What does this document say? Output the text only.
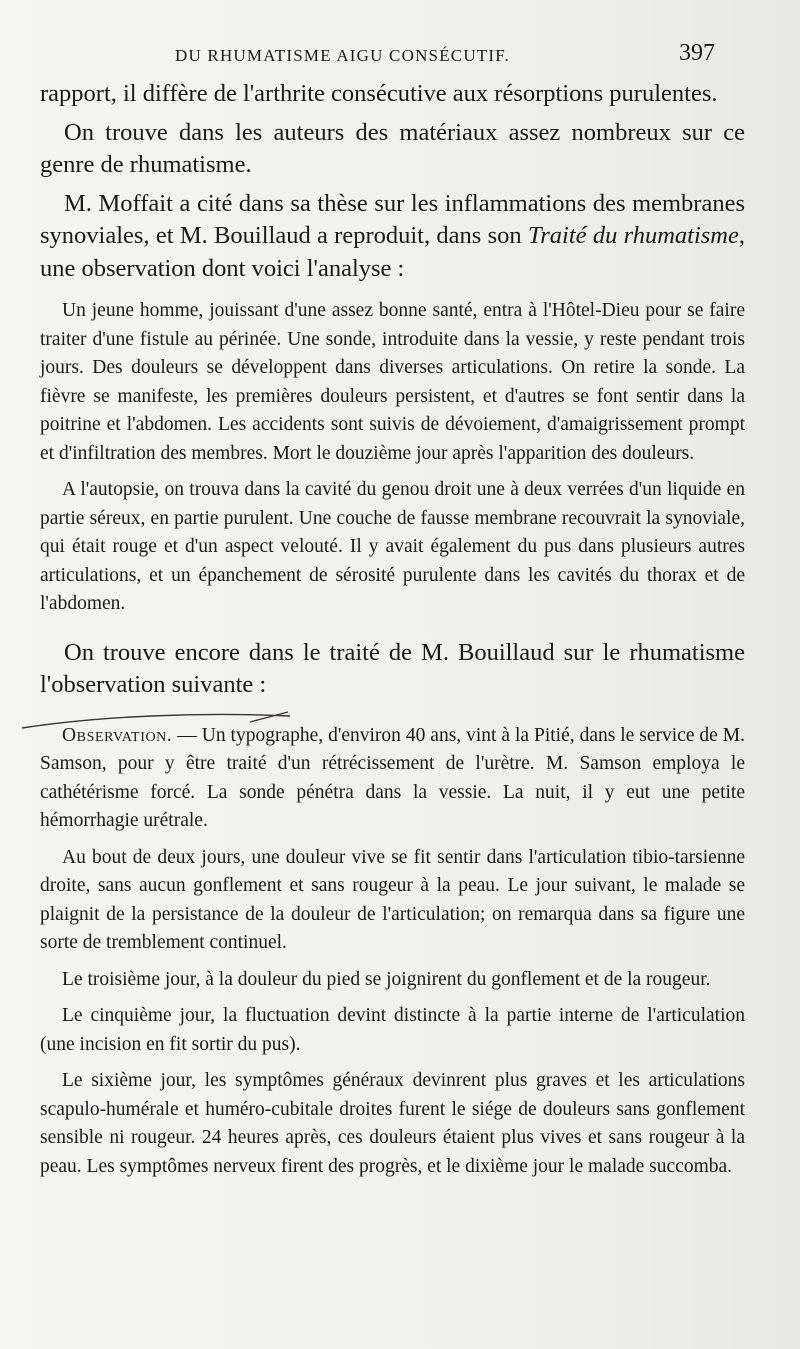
DU RHUMATISME AIGU CONSÉCUTIF.	397

rapport, il diffère de l'arthrite consécutive aux résorptions purulentes.

On trouve dans les auteurs des matériaux assez nombreux sur ce genre de rhumatisme.

M. Moffait a cité dans sa thèse sur les inflammations des membranes synoviales, et M. Bouillaud a reproduit, dans son Traité du rhumatisme, une observation dont voici l'analyse :

Un jeune homme, jouissant d'une assez bonne santé, entra à l'Hôtel-Dieu pour se faire traiter d'une fistule au périnée. Une sonde, introduite dans la vessie, y reste pendant trois jours. Des douleurs se développent dans diverses articulations. On retire la sonde. La fièvre se manifeste, les premières douleurs persistent, et d'autres se font sentir dans la poitrine et l'abdomen. Les accidents sont suivis de dévoiement, d'amaigrissement prompt et d'infiltration des membres. Mort le douzième jour après l'apparition des douleurs.

A l'autopsie, on trouva dans la cavité du genou droit une à deux verrées d'un liquide en partie séreux, en partie purulent. Une couche de fausse membrane recouvrait la synoviale, qui était rouge et d'un aspect velouté. Il y avait également du pus dans plusieurs autres articulations, et un épanchement de sérosité purulente dans les cavités du thorax et de l'abdomen.

On trouve encore dans le traité de M. Bouillaud sur le rhumatisme l'observation suivante :

Observation. — Un typographe, d'environ 40 ans, vint à la Pitié, dans le service de M. Samson, pour y être traité d'un rétrécissement de l'urètre. M. Samson employa le cathétérisme forcé. La sonde pénétra dans la vessie. La nuit, il y eut une petite hémorrhagie urétrale.

Au bout de deux jours, une douleur vive se fit sentir dans l'articulation tibio-tarsienne droite, sans aucun gonflement et sans rougeur à la peau. Le jour suivant, le malade se plaignit de la persistance de la douleur de l'articulation; on remarqua dans sa figure une sorte de tremblement continuel.

Le troisième jour, à la douleur du pied se joignirent du gonflement et de la rougeur.

Le cinquième jour, la fluctuation devint distincte à la partie interne de l'articulation (une incision en fit sortir du pus).

Le sixième jour, les symptômes généraux devinrent plus graves et les articulations scapulo-humérale et huméro-cubitale droites furent le siége de douleurs sans gonflement sensible ni rougeur. 24 heures après, ces douleurs étaient plus vives et sans rougeur à la peau. Les symptômes nerveux firent des progrès, et le dixième jour le malade succomba.
